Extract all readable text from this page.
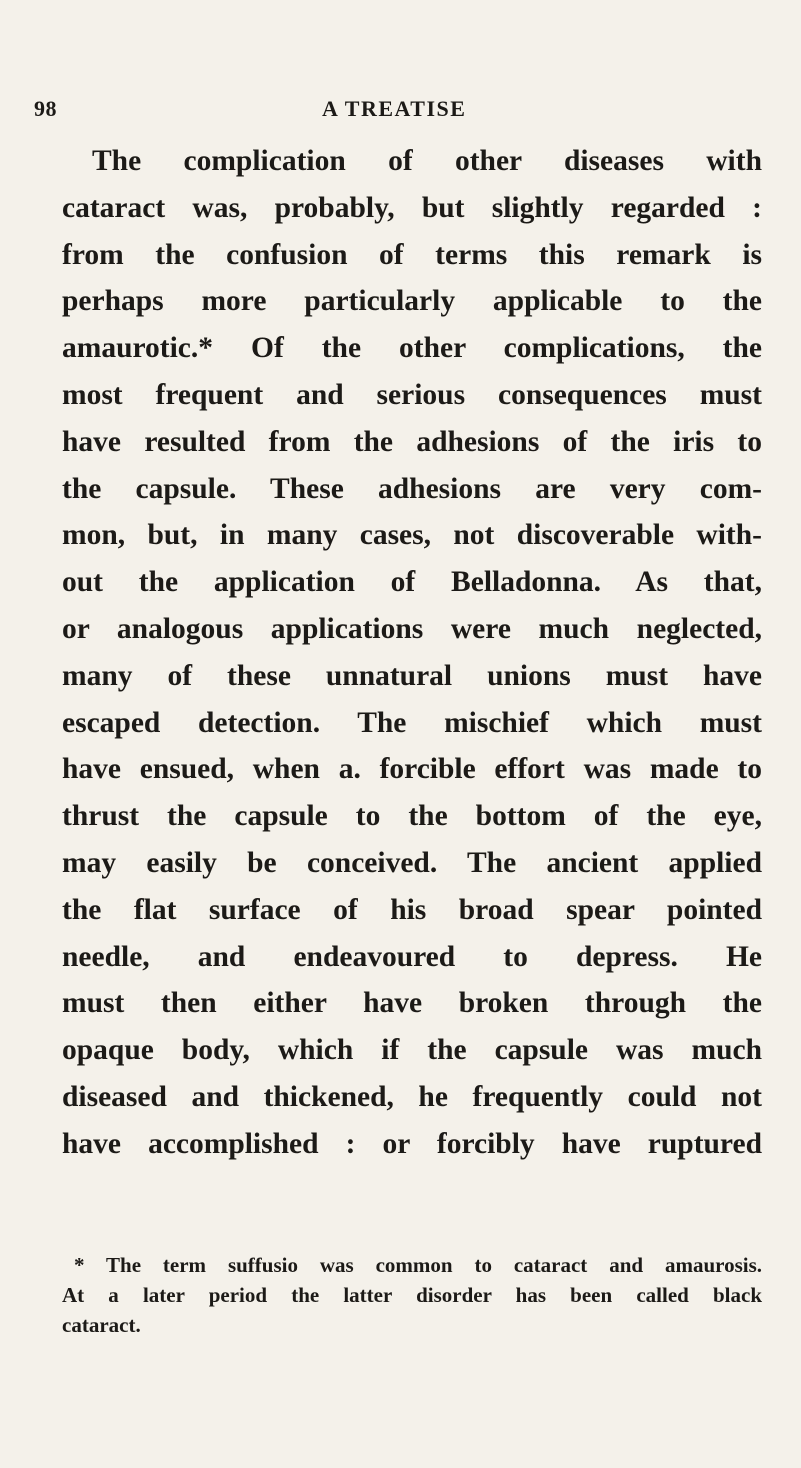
98	A TREATISE
The complication of other diseases with
cataract was, probably, but slightly regarded :
from the confusion of terms this remark is
perhaps more particularly applicable to the
amaurotic.* Of the other complications, the
most frequent and serious consequences must
have resulted from the adhesions of the iris to
the capsule. These adhesions are very com-
mon, but, in many cases, not discoverable with-
out the application of Belladonna. As that,
or analogous applications were much neglected,
many of these unnatural unions must have
escaped detection. The mischief which must
have ensued, when a. forcible effort was made to
thrust the capsule to the bottom of the eye,
may easily be conceived. The ancient applied
the flat surface of his broad spear pointed
needle, and endeavoured to depress. He
must then either have broken through the
opaque body, which if the capsule was much
diseased and thickened, he frequently could not
have accomplished : or forcibly have ruptured
* The term suffusio was common to cataract and amaurosis.
At a later period the latter disorder has been called black
cataract.
